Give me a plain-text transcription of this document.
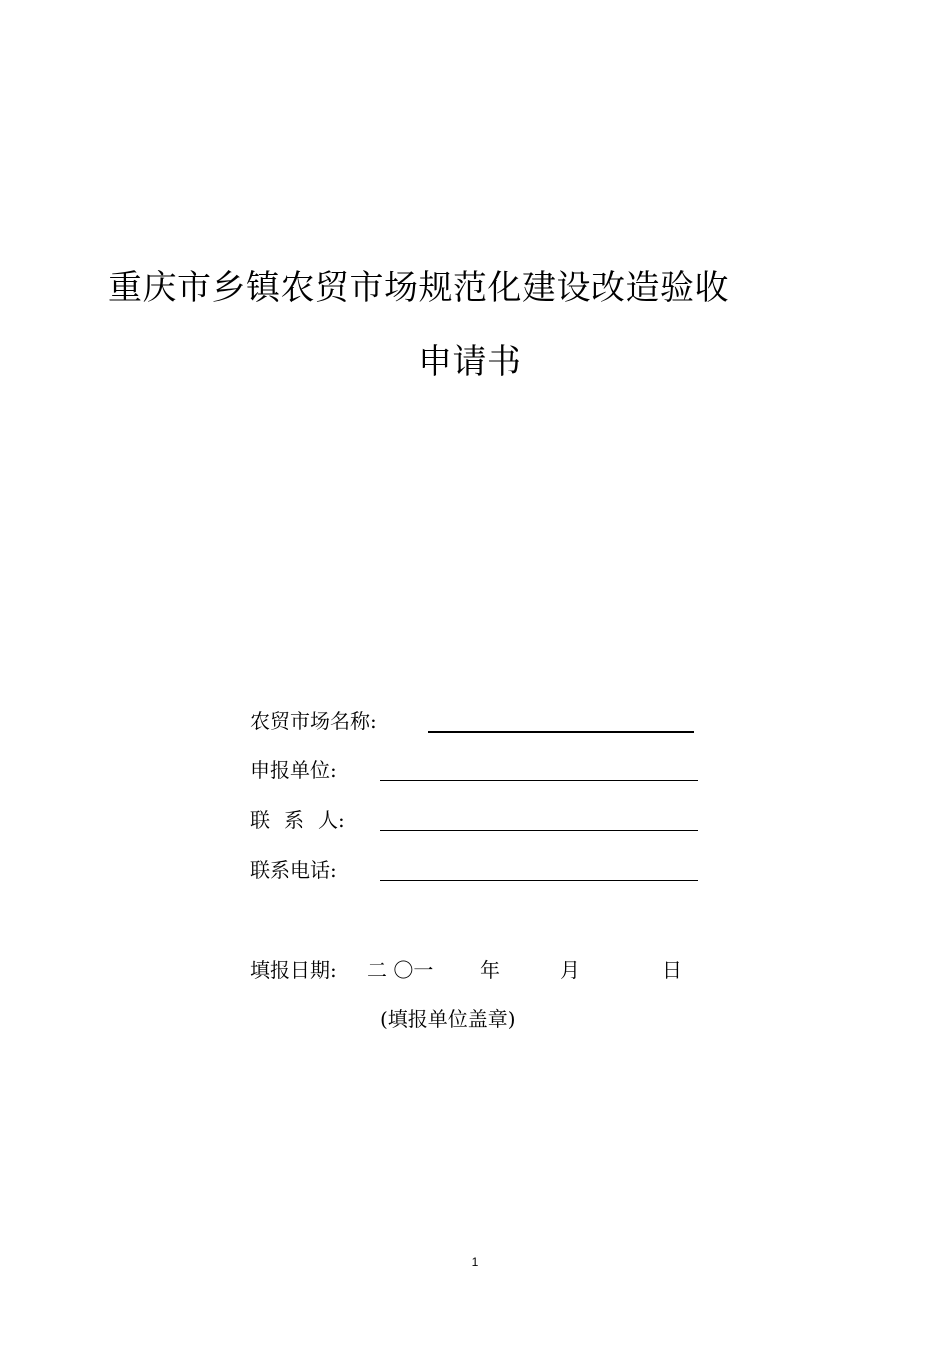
重庆市乡镇农贸市场规范化建设改造验收
申请书
农贸市场名称:
申报单位:
联 系 人:
联系电话:
填报日期: 二 〇一 年	月	日
(填报单位盖章)
1
